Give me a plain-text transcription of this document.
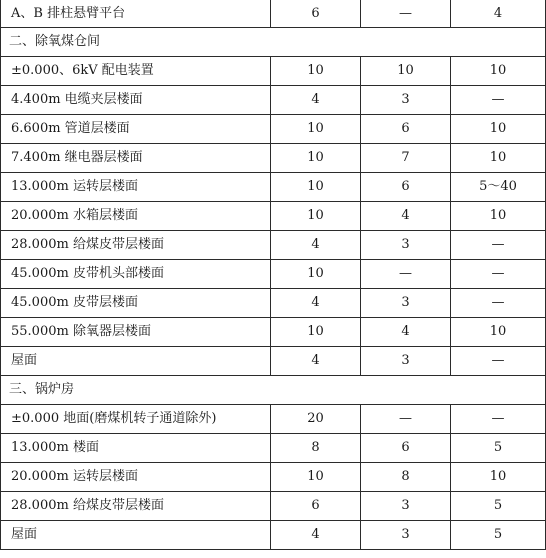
A、B 排柱悬臂平台	6	—	4
二、除氧煤仓间			
±0.000、6kV 配电装置	10	10	10
4.400m 电缆夹层楼面	4	3	—
6.600m 管道层楼面	10	6	10
7.400m 继电器层楼面	10	7	10
13.000m 运转层楼面	10	6	5～40
20.000m 水箱层楼面	10	4	10
28.000m 给煤皮带层楼面	4	3	—
45.000m 皮带机头部楼面	10	—	—
45.000m 皮带层楼面	4	3	—
55.000m 除氧器层楼面	10	4	10
屋面	4	3	—
三、锅炉房			
±0.000 地面(磨煤机转子通道除外)	20	—	—
13.000m 楼面	8	6	5
20.000m 运转层楼面	10	8	10
28.000m 给煤皮带层楼面	6	3	5
屋面	4	3	5
